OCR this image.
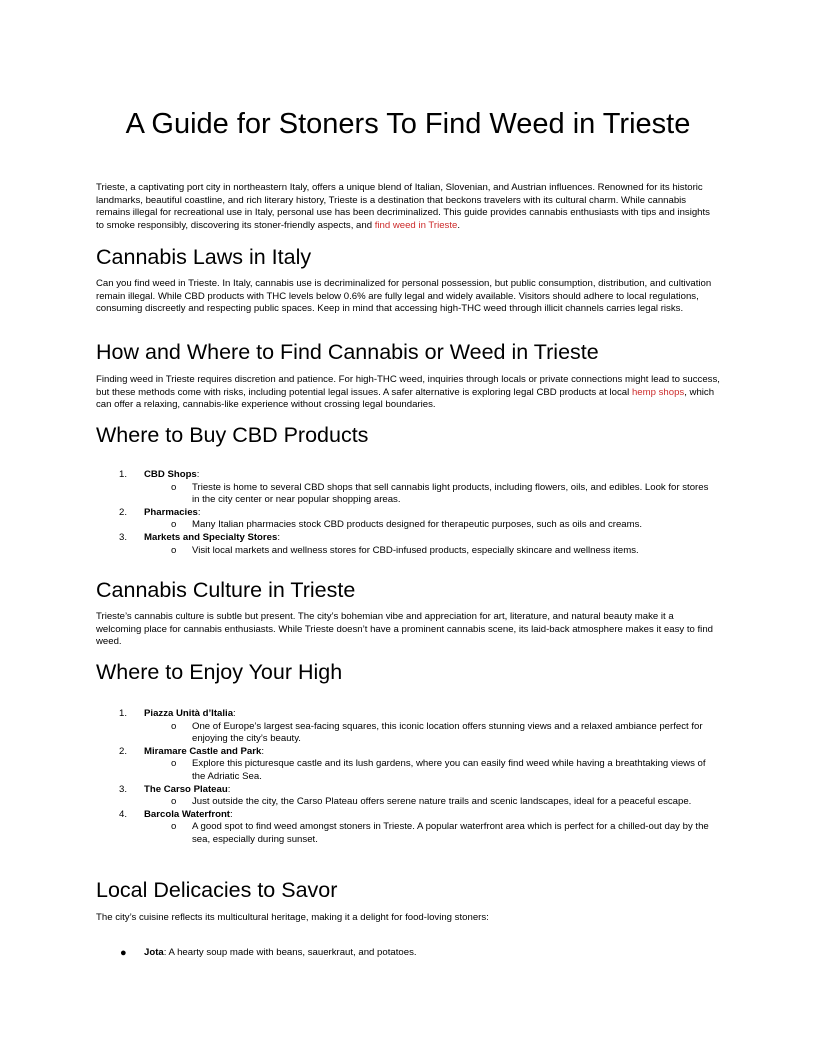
A Guide for Stoners To Find Weed in Trieste

Trieste, a captivating port city in northeastern Italy, offers a unique blend of Italian, Slovenian, and Austrian influences. Renowned for its historic landmarks, beautiful coastline, and rich literary history, Trieste is a destination that beckons travelers with its cultural charm. While cannabis remains illegal for recreational use in Italy, personal use has been decriminalized. This guide provides cannabis enthusiasts with tips and insights to smoke responsibly, discovering its stoner-friendly aspects, and find weed in Trieste.

Cannabis Laws in Italy

Can you find weed in Trieste. In Italy, cannabis use is decriminalized for personal possession, but public consumption, distribution, and cultivation remain illegal. While CBD products with THC levels below 0.6% are fully legal and widely available. Visitors should adhere to local regulations, consuming discreetly and respecting public spaces. Keep in mind that accessing high-THC weed through illicit channels carries legal risks.

How and Where to Find Cannabis or Weed in Trieste

Finding weed in Trieste requires discretion and patience. For high-THC weed, inquiries through locals or private connections might lead to success, but these methods come with risks, including potential legal issues. A safer alternative is exploring legal CBD products at local hemp shops, which can offer a relaxing, cannabis-like experience without crossing legal boundaries.

Where to Buy CBD Products
1. CBD Shops:
o Trieste is home to several CBD shops that sell cannabis light products, including flowers, oils, and edibles. Look for stores in the city center or near popular shopping areas.
2. Pharmacies:
o Many Italian pharmacies stock CBD products designed for therapeutic purposes, such as oils and creams.
3. Markets and Specialty Stores:
o Visit local markets and wellness stores for CBD-infused products, especially skincare and wellness items.
Cannabis Culture in Trieste

Trieste’s cannabis culture is subtle but present. The city’s bohemian vibe and appreciation for art, literature, and natural beauty make it a welcoming place for cannabis enthusiasts. While Trieste doesn’t have a prominent cannabis scene, its laid-back atmosphere makes it easy to find weed.

Where to Enjoy Your High
1. Piazza Unità d’Italia:
o One of Europe’s largest sea-facing squares, this iconic location offers stunning views and a relaxed ambiance perfect for enjoying the city’s beauty.
2. Miramare Castle and Park:
o Explore this picturesque castle and its lush gardens, where you can easily find weed while having a breathtaking views of the Adriatic Sea.
3. The Carso Plateau:
o Just outside the city, the Carso Plateau offers serene nature trails and scenic landscapes, ideal for a peaceful escape.
4. Barcola Waterfront:
o A good spot to find weed amongst stoners in Trieste. A popular waterfront area which is perfect for a chilled-out day by the sea, especially during sunset.
Local Delicacies to Savor

The city’s cuisine reflects its multicultural heritage, making it a delight for food-loving stoners:

● Jota: A hearty soup made with beans, sauerkraut, and potatoes.
